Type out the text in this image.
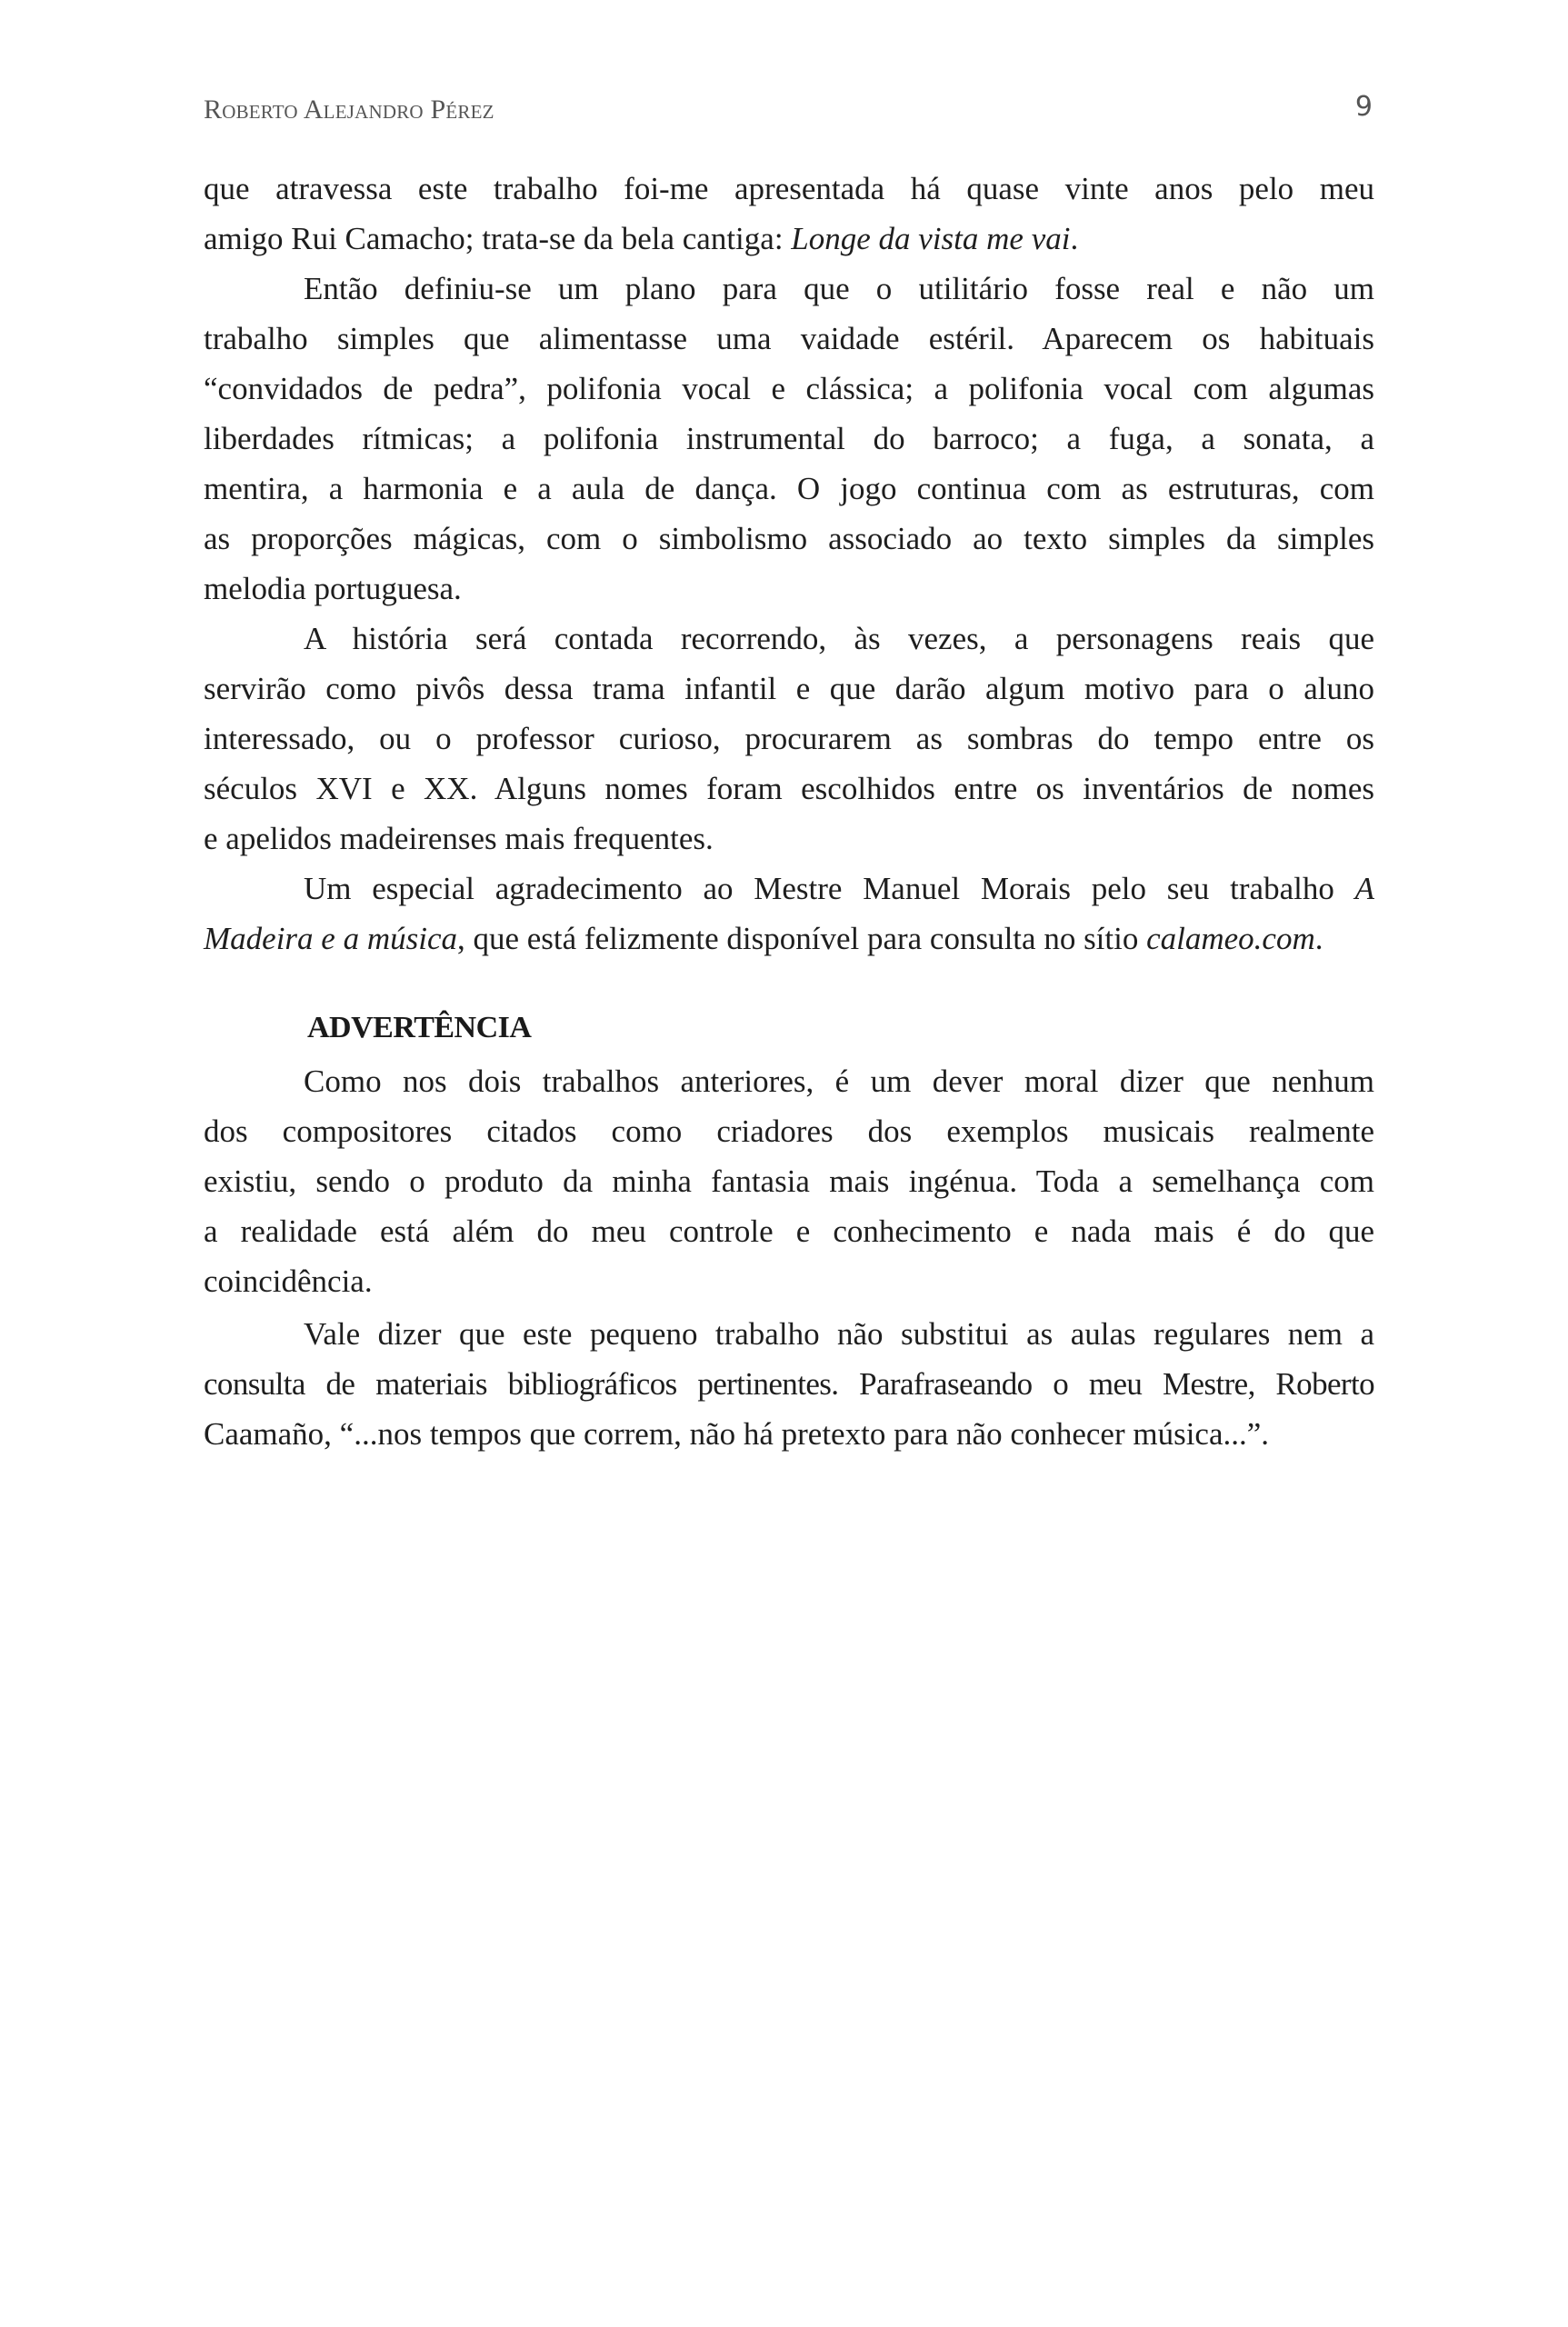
Roberto Alejandro Pérez	9
que atravessa este trabalho foi-me apresentada há quase vinte anos pelo meu
amigo Rui Camacho; trata-se da bela cantiga: Longe da vista me vai.
Então definiu-se um plano para que o utilitário fosse real e não um
trabalho simples que alimentasse uma vaidade estéril. Aparecem os habituais
“convidados de pedra”, polifonia vocal e clássica; a polifonia vocal com algumas
liberdades rítmicas; a polifonia instrumental do barroco; a fuga, a sonata, a
mentira, a harmonia e a aula de dança. O jogo continua com as estruturas, com
as proporções mágicas, com o simbolismo associado ao texto simples da simples
melodia portuguesa.
A história será contada recorrendo, às vezes, a personagens reais que
servirão como pivôs dessa trama infantil e que darão algum motivo para o aluno
interessado, ou o professor curioso, procurarem as sombras do tempo entre os
séculos XVI e XX. Alguns nomes foram escolhidos entre os inventários de nomes
e apelidos madeirenses mais frequentes.
Um especial agradecimento ao Mestre Manuel Morais pelo seu trabalho A
Madeira e a música, que está felizmente disponível para consulta no sítio calameo.com.
ADVERTÊNCIA
Como nos dois trabalhos anteriores, é um dever moral dizer que nenhum
dos compositores citados como criadores dos exemplos musicais realmente
existiu, sendo o produto da minha fantasia mais ingénua. Toda a semelhança com
a realidade está além do meu controle e conhecimento e nada mais é do que
coincidência.
Vale dizer que este pequeno trabalho não substitui as aulas regulares nem a
consulta de materiais bibliográficos pertinentes. Parafraseando o meu Mestre, Roberto
Caamaño, “...nos tempos que correm, não há pretexto para não conhecer música...”.
